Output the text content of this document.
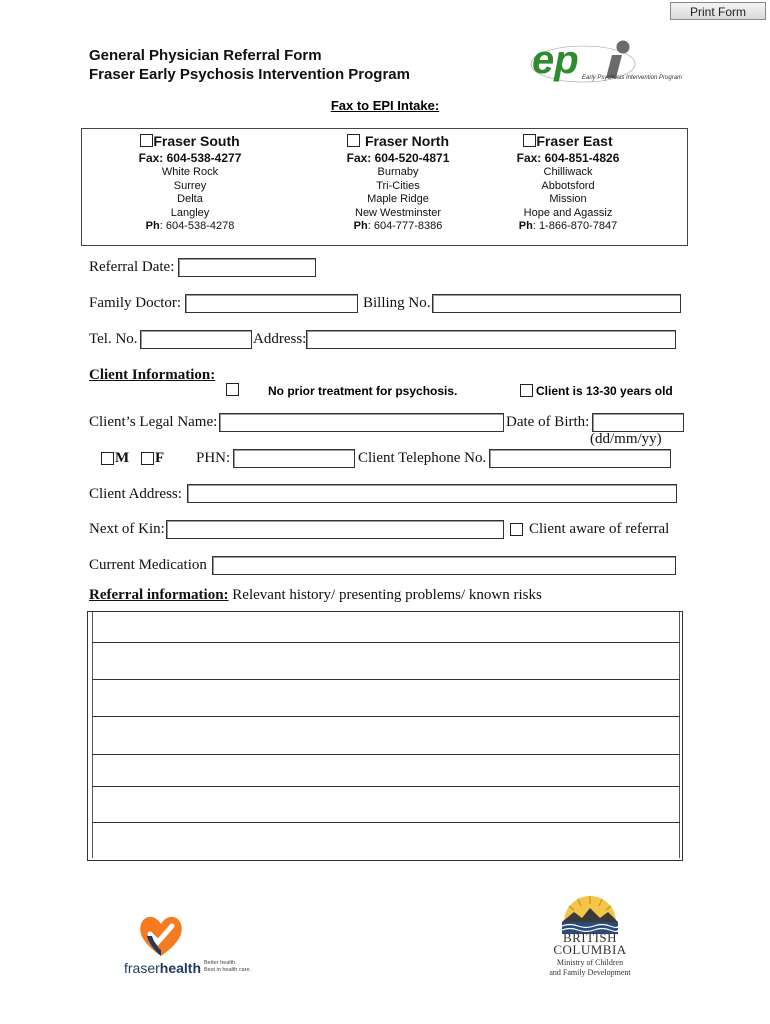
Print Form
General Physician Referral Form
Fraser Early Psychosis Intervention Program	ep Early Psychosis Intervention Program
Fax to EPI Intake:
Fraser South
Fax: 604-538-4277
White Rock
Surrey
Delta
Langley
Ph: 604-538-4278
Fraser North
Fax: 604-520-4871
Burnaby
Tri-Cities
Maple Ridge
New Westminster
Ph: 604-777-8386
Fraser East
Fax: 604-851-4826
Chilliwack
Abbotsford
Mission
Hope and Agassiz
Ph: 1-866-870-7847
Referral Date:
Family Doctor:	Billing No.
Tel. No.	Address:
Client Information:
No prior treatment for psychosis.	Client is 13-30 years old
Client’s Legal Name:	Date of Birth:
(dd/mm/yy)
M F PHN:	Client Telephone No.
Client Address:
Next of Kin:	Client aware of referral
Current Medication
Referral information: Relevant history/ presenting problems/ known risks
fraserhealth Better health.
Best in health care.
BRITISH
COLUMBIA
Ministry of Children
and Family Development
